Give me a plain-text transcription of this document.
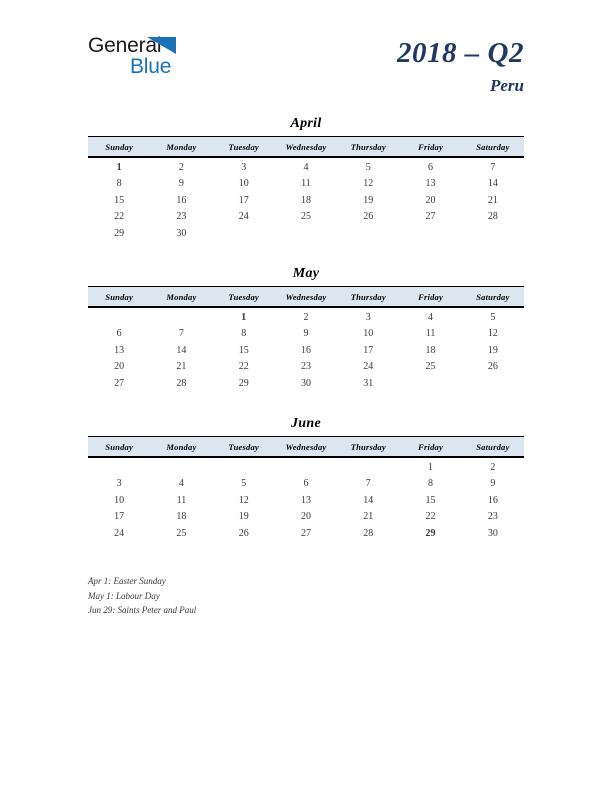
General
Blue	2018 – Q2
Peru
April
Sunday	Monday	Tuesday	Wednesday	Thursday	Friday	Saturday
1	2	3	4	5	6	7
8	9	10	11	12	13	14
15	16	17	18	19	20	21
22	23	24	25	26	27	28
29	30					
May
Sunday	Monday	Tuesday	Wednesday	Thursday	Friday	Saturday
		1	2	3	4	5
6	7	8	9	10	11	12
13	14	15	16	17	18	19
20	21	22	23	24	25	26
27	28	29	30	31		
June
Sunday	Monday	Tuesday	Wednesday	Thursday	Friday	Saturday
					1	2
3	4	5	6	7	8	9
10	11	12	13	14	15	16
17	18	19	20	21	22	23
24	25	26	27	28	29	30
Apr 1: Easter Sunday
May 1: Labour Day
Jun 29: Saints Peter and Paul
